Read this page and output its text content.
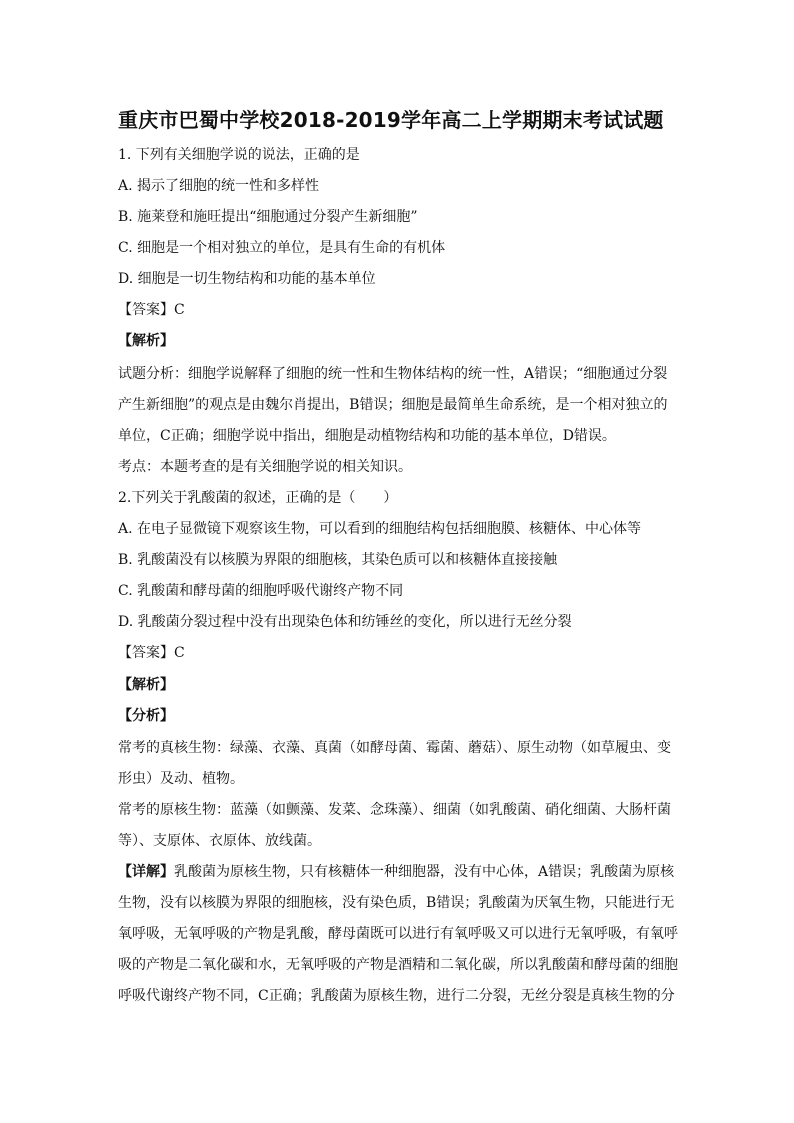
重庆市巴蜀中学校2018-2019学年高二上学期期末考试试题
1. 下列有关细胞学说的说法，正确的是
A. 揭示了细胞的统一性和多样性
B. 施莱登和施旺提出“细胞通过分裂产生新细胞”
C. 细胞是一个相对独立的单位，是具有生命的有机体
D. 细胞是一切生物结构和功能的基本单位
【答案】C
【解析】
试题分析：细胞学说解释了细胞的统一性和生物体结构的统一性，A错误；“细胞通过分裂
产生新细胞”的观点是由魏尔肖提出，B错误；细胞是最简单生命系统，是一个相对独立的
单位，C正确；细胞学说中指出，细胞是动植物结构和功能的基本单位，D错误。
考点：本题考查的是有关细胞学说的相关知识。
2.下列关于乳酸菌的叙述，正确的是（　　）
A. 在电子显微镜下观察该生物，可以看到的细胞结构包括细胞膜、核糖体、中心体等
B. 乳酸菌没有以核膜为界限的细胞核，其染色质可以和核糖体直接接触
C. 乳酸菌和酵母菌的细胞呼吸代谢终产物不同
D. 乳酸菌分裂过程中没有出现染色体和纺锤丝的变化，所以进行无丝分裂
【答案】C
【解析】
【分析】
常考的真核生物：绿藻、衣藻、真菌（如酵母菌、霉菌、蘑菇）、原生动物（如草履虫、变
形虫）及动、植物。
常考的原核生物：蓝藻（如颤藻、发菜、念珠藻）、细菌（如乳酸菌、硝化细菌、大肠杆菌
等）、支原体、衣原体、放线菌。
【详解】乳酸菌为原核生物，只有核糖体一种细胞器，没有中心体，A错误；乳酸菌为原核
生物，没有以核膜为界限的细胞核，没有染色质，B错误；乳酸菌为厌氧生物，只能进行无
氧呼吸，无氧呼吸的产物是乳酸，酵母菌既可以进行有氧呼吸又可以进行无氧呼吸，有氧呼
吸的产物是二氧化碳和水，无氧呼吸的产物是酒精和二氧化碳，所以乳酸菌和酵母菌的细胞
呼吸代谢终产物不同，C正确；乳酸菌为原核生物，进行二分裂，无丝分裂是真核生物的分
